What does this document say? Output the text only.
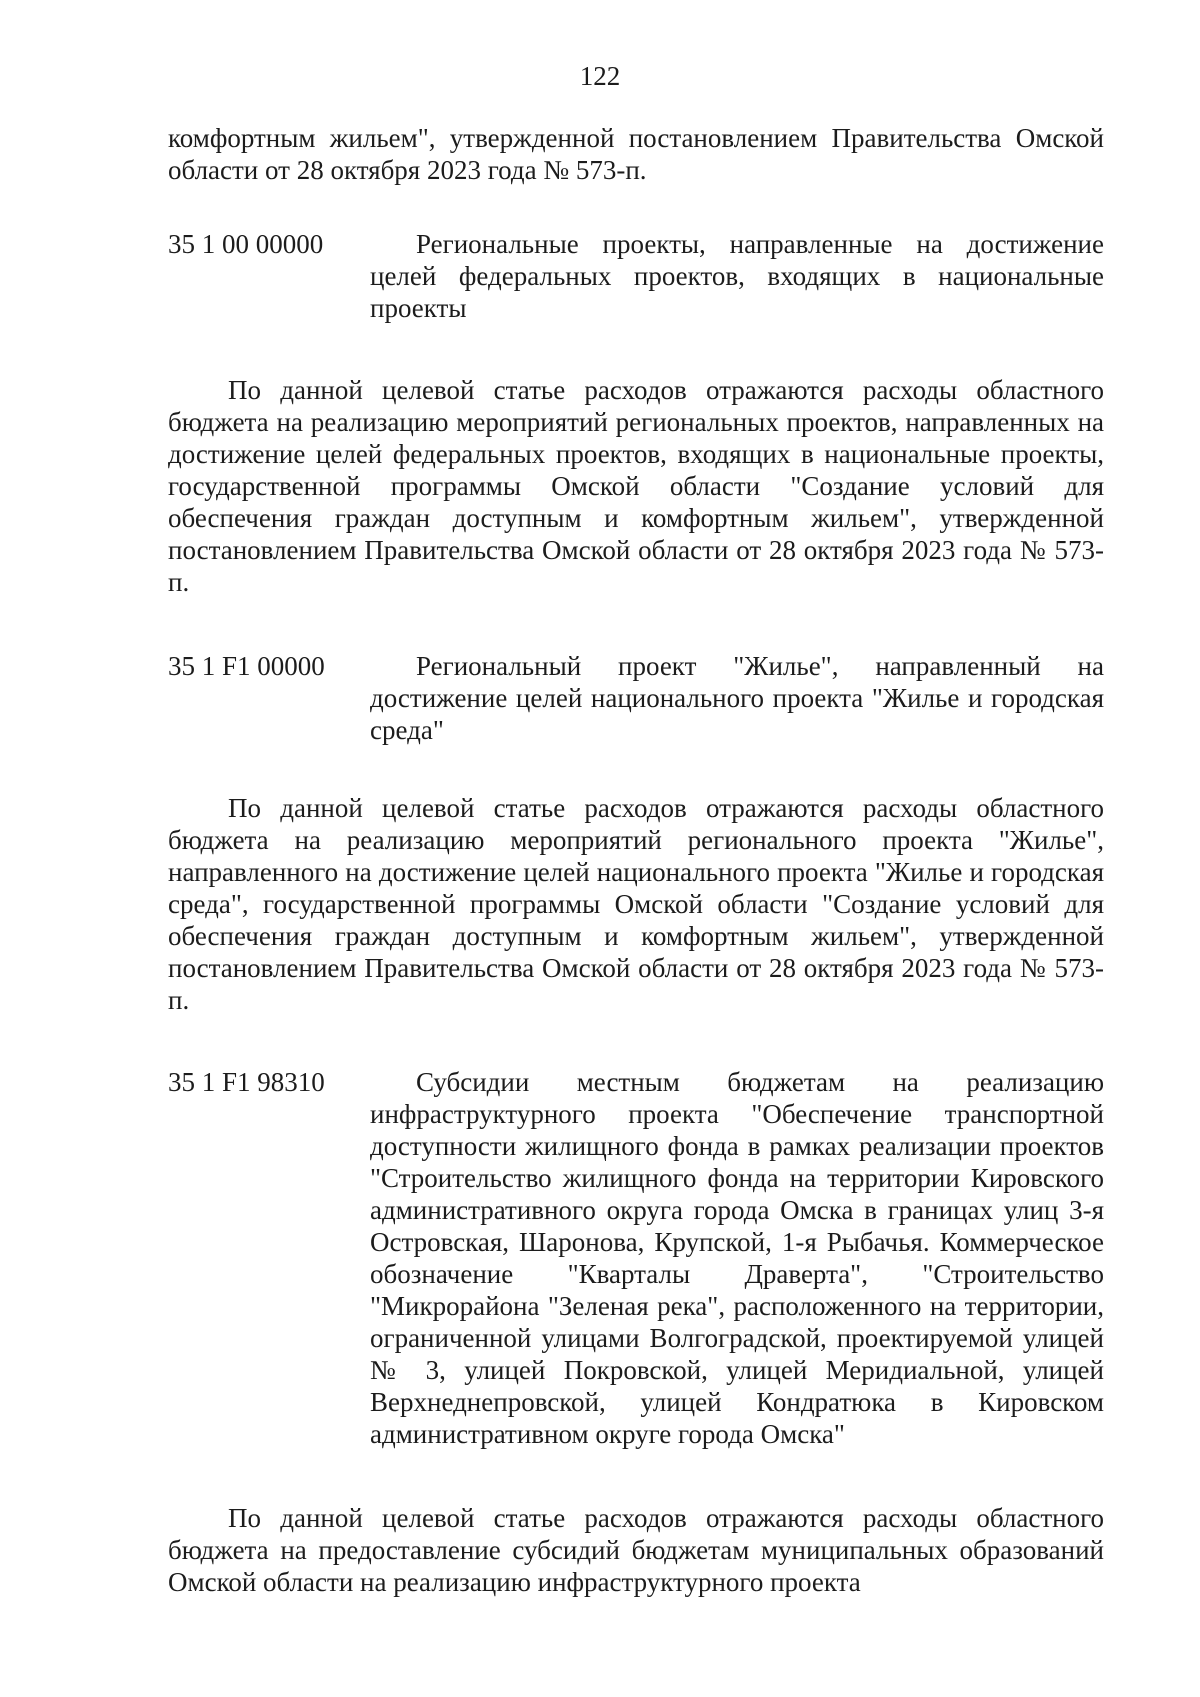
122

комфортным жильем", утвержденной постановлением Правительства Омской области от 28 октября 2023 года № 573-п.

35 1 00 00000	Региональные проекты, направленные на достижение целей федеральных проектов, входящих в национальные проекты

По данной целевой статье расходов отражаются расходы областного бюджета на реализацию мероприятий региональных проектов, направленных на достижение целей федеральных проектов, входящих в национальные проекты, государственной программы Омской области "Создание условий для обеспечения граждан доступным и комфортным жильем", утвержденной постановлением Правительства Омской области от 28 октября 2023 года № 573-п.

35 1 F1 00000	Региональный проект "Жилье", направленный на достижение целей национального проекта "Жилье и городская среда"

По данной целевой статье расходов отражаются расходы областного бюджета на реализацию мероприятий регионального проекта "Жилье", направленного на достижение целей национального проекта "Жилье и городская среда", государственной программы Омской области "Создание условий для обеспечения граждан доступным и комфортным жильем", утвержденной постановлением Правительства Омской области от 28 октября 2023 года № 573-п.

35 1 F1 98310	Субсидии местным бюджетам на реализацию инфраструктурного проекта "Обеспечение транспортной доступности жилищного фонда в рамках реализации проектов "Строительство жилищного фонда на территории Кировского административного округа города Омска в границах улиц 3-я Островская, Шаронова, Крупской, 1-я Рыбачья. Коммерческое обозначение "Кварталы Драверта", "Строительство "Микрорайона "Зеленая река", расположенного на территории, ограниченной улицами Волгоградской, проектируемой улицей № 3, улицей Покровской, улицей Меридиальной, улицей Верхнеднепровской, улицей Кондратюка в Кировском административном округе города Омска"

По данной целевой статье расходов отражаются расходы областного бюджета на предоставление субсидий бюджетам муниципальных образований Омской области на реализацию инфраструктурного проекта
